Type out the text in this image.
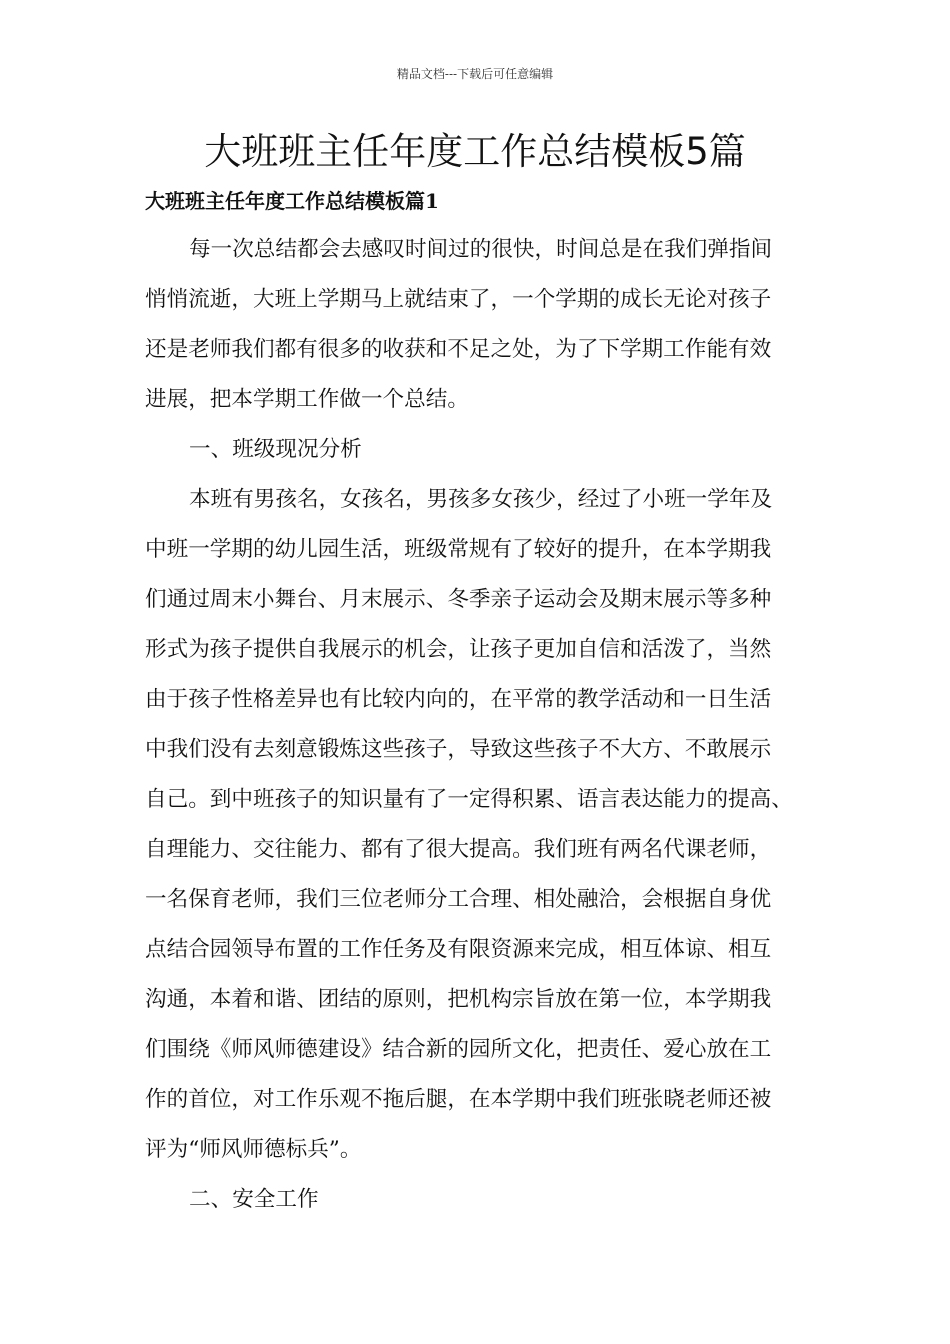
精品文档---下载后可任意编辑
大班班主任年度工作总结模板5篇
大班班主任年度工作总结模板篇1
每一次总结都会去感叹时间过的很快，时间总是在我们弹指间
悄悄流逝，大班上学期马上就结束了，一个学期的成长无论对孩子
还是老师我们都有很多的收获和不足之处，为了下学期工作能有效
进展，把本学期工作做一个总结。
一、班级现况分析
本班有男孩名，女孩名，男孩多女孩少，经过了小班一学年及
中班一学期的幼儿园生活，班级常规有了较好的提升，在本学期我
们通过周末小舞台、月末展示、冬季亲子运动会及期末展示等多种
形式为孩子提供自我展示的机会，让孩子更加自信和活泼了，当然
由于孩子性格差异也有比较内向的，在平常的教学活动和一日生活
中我们没有去刻意锻炼这些孩子，导致这些孩子不大方、不敢展示
自己。到中班孩子的知识量有了一定得积累、语言表达能力的提高、
自理能力、交往能力、都有了很大提高。我们班有两名代课老师，
一名保育老师，我们三位老师分工合理、相处融洽，会根据自身优
点结合园领导布置的工作任务及有限资源来完成，相互体谅、相互
沟通，本着和谐、团结的原则，把机构宗旨放在第一位，本学期我
们围绕《师风师德建设》结合新的园所文化，把责任、爱心放在工
作的首位，对工作乐观不拖后腿，在本学期中我们班张晓老师还被
评为“师风师德标兵”。
二、安全工作
